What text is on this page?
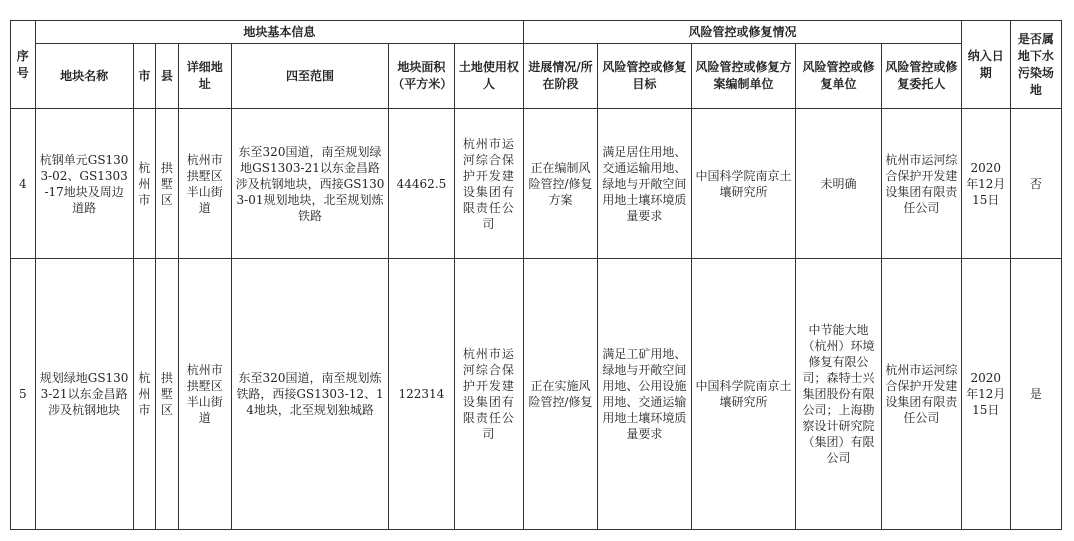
序号	地块基本信息							风险管控或修复情况					纳入日期	是否属地下水污染场地
	地块名称	市	县	详细地址	四至范围	地块面积（平方米）	土地使用权人	进展情况/所在阶段	风险管控或修复目标	风险管控或修复方案编制单位	风险管控或修复单位	风险管控或修复委托人		
4	杭钢单元GS1303-02、GS1303-17地块及周边道路	杭州市	拱墅区	杭州市拱墅区半山街道	东至320国道，南至规划绿地GS1303-21以东金昌路涉及杭钢地块，西接GS1303-01规划地块，北至规划炼铁路	44462.5	杭州市运河综合保护开发建设集团有限责任公司	正在编制风险管控/修复方案	满足居住用地、交通运输用地、绿地与开敞空间用地土壤环境质量要求	中国科学院南京土壤研究所	未明确	杭州市运河综合保护开发建设集团有限责任公司	2020年12月15日	否
5	规划绿地GS1303-21以东金昌路涉及杭钢地块	杭州市	拱墅区	杭州市拱墅区半山街道	东至320国道，南至规划炼铁路，西接GS1303-12、14地块，北至规划独城路	122314	杭州市运河综合保护开发建设集团有限责任公司	正在实施风险管控/修复	满足工矿用地、绿地与开敞空间用地、公用设施用地、交通运输用地土壤环境质量要求	中国科学院南京土壤研究所	中节能大地（杭州）环境修复有限公司；森特士兴集团股份有限公司；上海勘察设计研究院（集团）有限公司	杭州市运河综合保护开发建设集团有限责任公司	2020年12月15日	是
